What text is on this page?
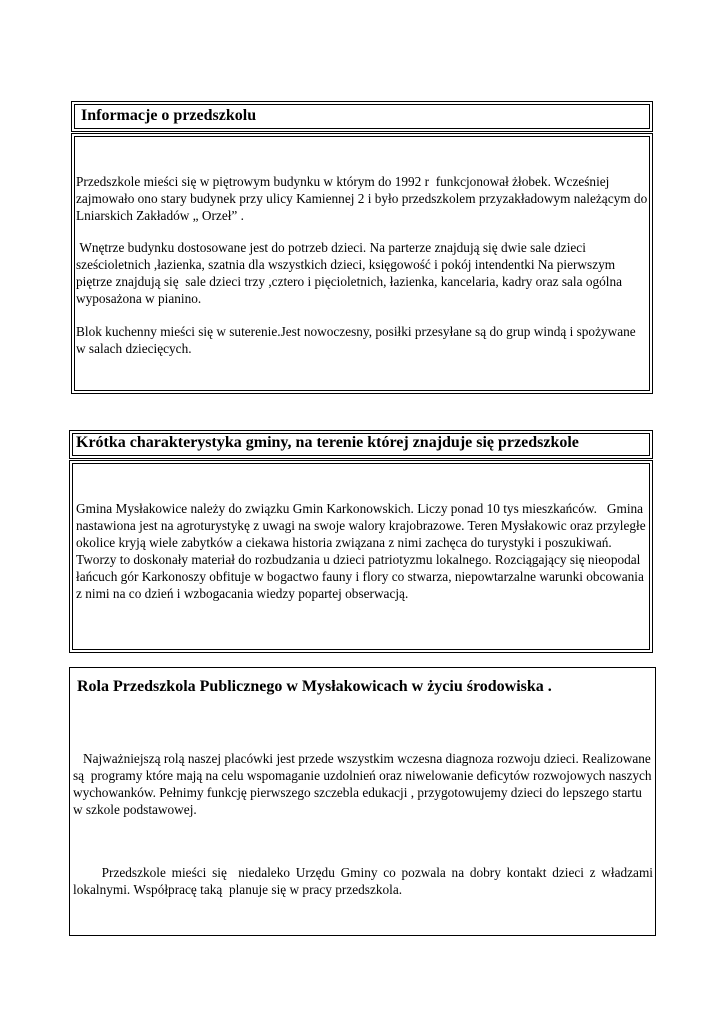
Informacje o przedszkolu

Przedszkole mieści się w piętrowym budynku w którym do 1992 r  funkcjonował żłobek. Wcześniej zajmowało ono stary budynek przy ulicy Kamiennej 2 i było przedszkolem przyzakładowym należącym do Lniarskich Zakładów „ Orzeł” .

Wnętrze budynku dostosowane jest do potrzeb dzieci. Na parterze znajdują się dwie sale dzieci sześcioletnich ,łazienka, szatnia dla wszystkich dzieci, księgowość i pokój intendentki Na pierwszym piętrze znajdują się  sale dzieci trzy ,cztero i pięcioletnich, łazienka, kancelaria, kadry oraz sala ogólna wyposażona w pianino.

Blok kuchenny mieści się w suterenie.Jest nowoczesny, posiłki przesyłane są do grup windą i spożywane w salach dziecięcych.

Krótka charakterystyka gminy, na terenie której znajduje się przedszkole

Gmina Mysłakowice należy do związku Gmin Karkonowskich. Liczy ponad 10 tys mieszkańców.   Gmina nastawiona jest na agroturystykę z uwagi na swoje walory krajobrazowe. Teren Mysłakowic oraz przyległe okolice kryją wiele zabytków a ciekawa historia związana z nimi zachęca do turystyki i poszukiwań. Tworzy to doskonały materiał do rozbudzania u dzieci patriotyzmu lokalnego. Rozciągający się nieopodal łańcuch gór Karkonoszy obfituje w bogactwo fauny i flory co stwarza, niepowtarzalne warunki obcowania z nimi na co dzień i wzbogacania wiedzy popartej obserwacją.

Rola Przedszkola Publicznego w Mysłakowicach w życiu środowiska .

Najważniejszą rolą naszej placówki jest przede wszystkim wczesna diagnoza rozwoju dzieci. Realizowane są  programy które mają na celu wspomaganie uzdolnień oraz niwelowanie deficytów rozwojowych naszych wychowanków. Pełnimy funkcję pierwszego szczebla edukacji , przygotowujemy dzieci do lepszego startu  w szkole podstawowej.

Przedszkole mieści się  niedaleko Urzędu Gminy co pozwala na dobry kontakt dzieci z władzami lokalnymi. Współpracę taką  planuje się w pracy przedszkola.
